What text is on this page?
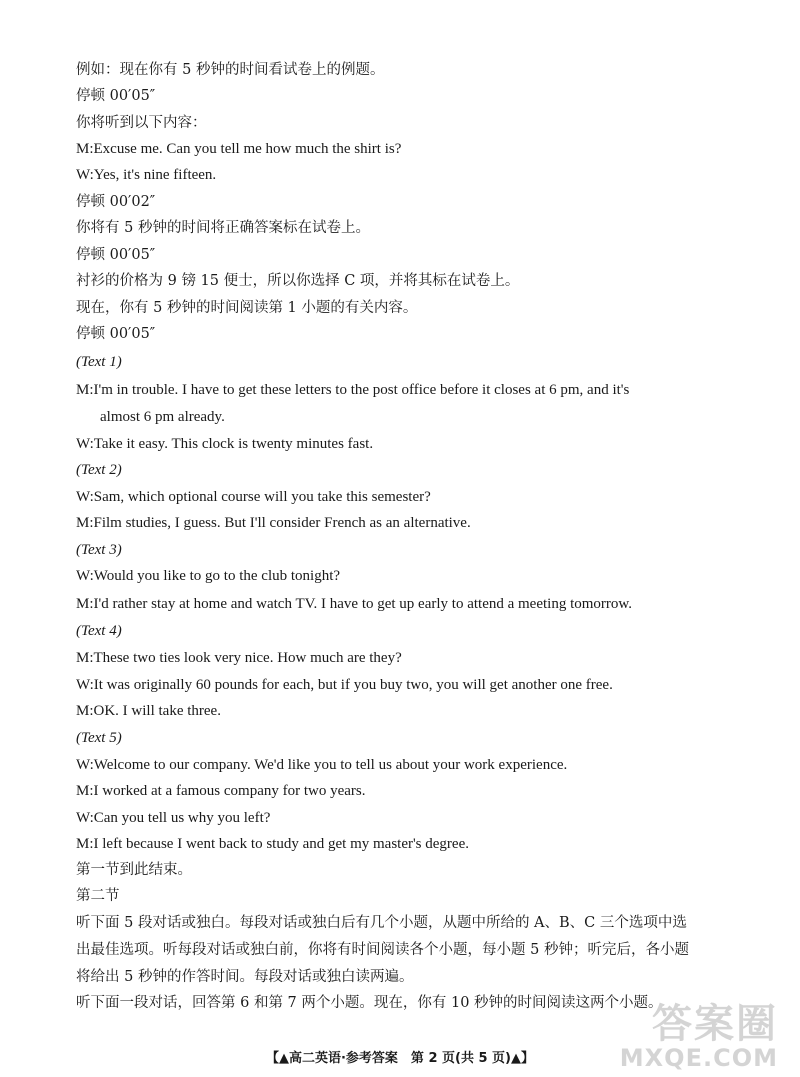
例如：现在你有 5 秒钟的时间看试卷上的例题。
停顿 00′05″
你将听到以下内容：
M:Excuse me. Can you tell me how much the shirt is?
W:Yes, it's nine fifteen.
停顿 00′02″
你将有 5 秒钟的时间将正确答案标在试卷上。
停顿 00′05″
衬衫的价格为 9 镑 15 便士，所以你选择 C 项，并将其标在试卷上。
现在，你有 5 秒钟的时间阅读第 1 小题的有关内容。
停顿 00′05″
(Text 1)
M:I'm in trouble. I have to get these letters to the post office before it closes at 6 pm, and it's
almost 6 pm already.
W:Take it easy. This clock is twenty minutes fast.
(Text 2)
W:Sam, which optional course will you take this semester?
M:Film studies, I guess. But I'll consider French as an alternative.
(Text 3)
W:Would you like to go to the club tonight?
M:I'd rather stay at home and watch TV. I have to get up early to attend a meeting tomorrow.
(Text 4)
M:These two ties look very nice. How much are they?
W:It was originally 60 pounds for each, but if you buy two, you will get another one free.
M:OK. I will take three.
(Text 5)
W:Welcome to our company. We'd like you to tell us about your work experience.
M:I worked at a famous company for two years.
W:Can you tell us why you left?
M:I left because I went back to study and get my master's degree.
第一节到此结束。
第二节
听下面 5 段对话或独白。每段对话或独白后有几个小题，从题中所给的 A、B、C 三个选项中选
出最佳选项。听每段对话或独白前，你将有时间阅读各个小题，每小题 5 秒钟；听完后，各小题
将给出 5 秒钟的作答时间。每段对话或独白读两遍。
听下面一段对话，回答第 6 和第 7 两个小题。现在，你有 10 秒钟的时间阅读这两个小题。
【▲高二英语·参考答案　第 2 页(共 5 页)▲】
答案圈
MXQE.COM
